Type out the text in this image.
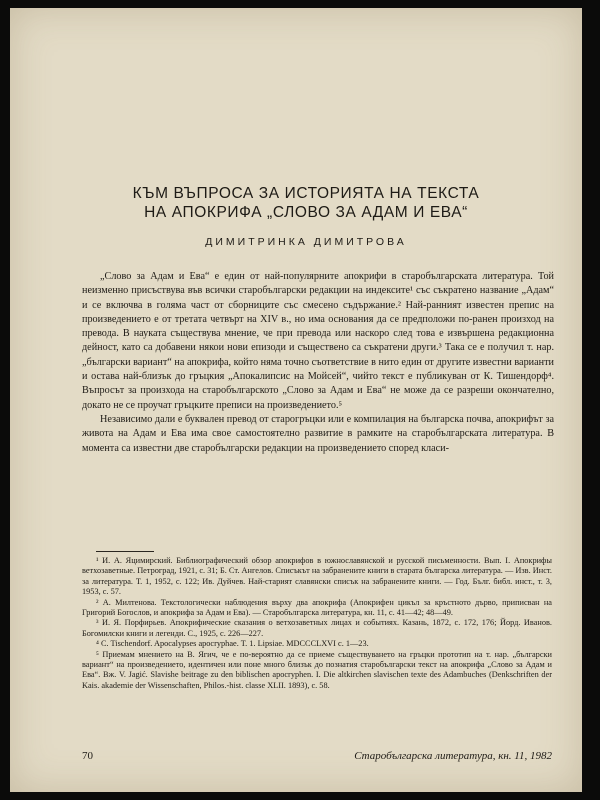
КЪМ ВЪПРОСА ЗА ИСТОРИЯТА НА ТЕКСТА
НА АПОКРИФА „СЛОВО ЗА АДАМ И ЕВА“
ДИМИТРИНКА ДИМИТРОВА

„Слово за Адам и Ева“ е един от най-популярните апокрифи в старобългарската литература. Той неизменно присъствува във всички старобългарски редакции на индексите¹ със съкратено название „Адам“ и се включва в голяма част от сборниците със смесено съдържание.² Най-ранният известен препис на произведението е от третата четвърт на XIV в., но има основания да се предположи по-ранен произход на превода. В науката съществува мнение, че при превода или наскоро след това е извършена редакционна дейност, като са добавени някои нови епизоди и съществено са съкратени други.³ Така се е получил т. нар. „български вариант“ на апокрифа, който няма точно съответствие в нито един от другите известни варианти и остава най-близък до гръцкия „Апокалипсис на Мойсей“, чийто текст е публикуван от К. Тишендорф⁴. Въпросът за произхода на старобългарското „Слово за Адам и Ева“ не може да се разреши окончателно, докато не се проучат гръцките преписи на произведението.⁵

Независимо дали е буквален превод от старогръцки или е компилация на българска почва, апокрифът за живота на Адам и Ева има свое самостоятелно развитие в рамките на старобългарската литература. В момента са известни две старобългарски редакции на произведението според класи-

¹ И. А. Яцимирский. Библиографический обзор апокрифов в южнославянской и русской письменности. Вып. I. Апокрифы ветхозаветные. Петроград, 1921, с. 31; Б. Ст. Ангелов. Списъкът на забранените книги в старата българска литература. — Изв. Инст. за литература. Т. 1, 1952, с. 122; Ив. Дуйчев. Най-старият славянски списък на забранените книги. — Год. Бълг. библ. инст., т. 3, 1953, с. 57.

² А. Милтенова. Текстологически наблюдения върху два апокрифа (Апокрифен цикъл за кръстното дърво, приписван на Григорий Богослов, и апокрифа за Адам и Ева). — Старобългарска литература, кн. 11, с. 41—42; 48—49.

³ И. Я. Порфирьев. Апокрифические сказания о ветхозаветных лицах и событиях. Казань, 1872, с. 172, 176; Йорд. Иванов. Богомилски книги и легенди. С., 1925, с. 226—227.

⁴ C. Tischendorf. Apocalypses apocryphae. T. 1. Lipsiae. MDCCCLXVI с. 1—23.

⁵ Приемам мнението на В. Ягич, че е по-вероятно да се приеме съществуването на гръцки прототип на т. нар. „български вариант“ на произведението, идентичен или поне много близък до познатия старобългарски текст на апокрифа „Слово за Адам и Ева“. Вж. V. Jagić. Slavishe beitrage zu den biblischen apocryphen. I. Die altkirchen slavischen texte des Adambuches (Denkschriften der Kais. akademie der Wissenschaften, Philos.-hist. classe XLII. 1893), с. 58.

70	Старобългарска литература, кн. 11, 1982
